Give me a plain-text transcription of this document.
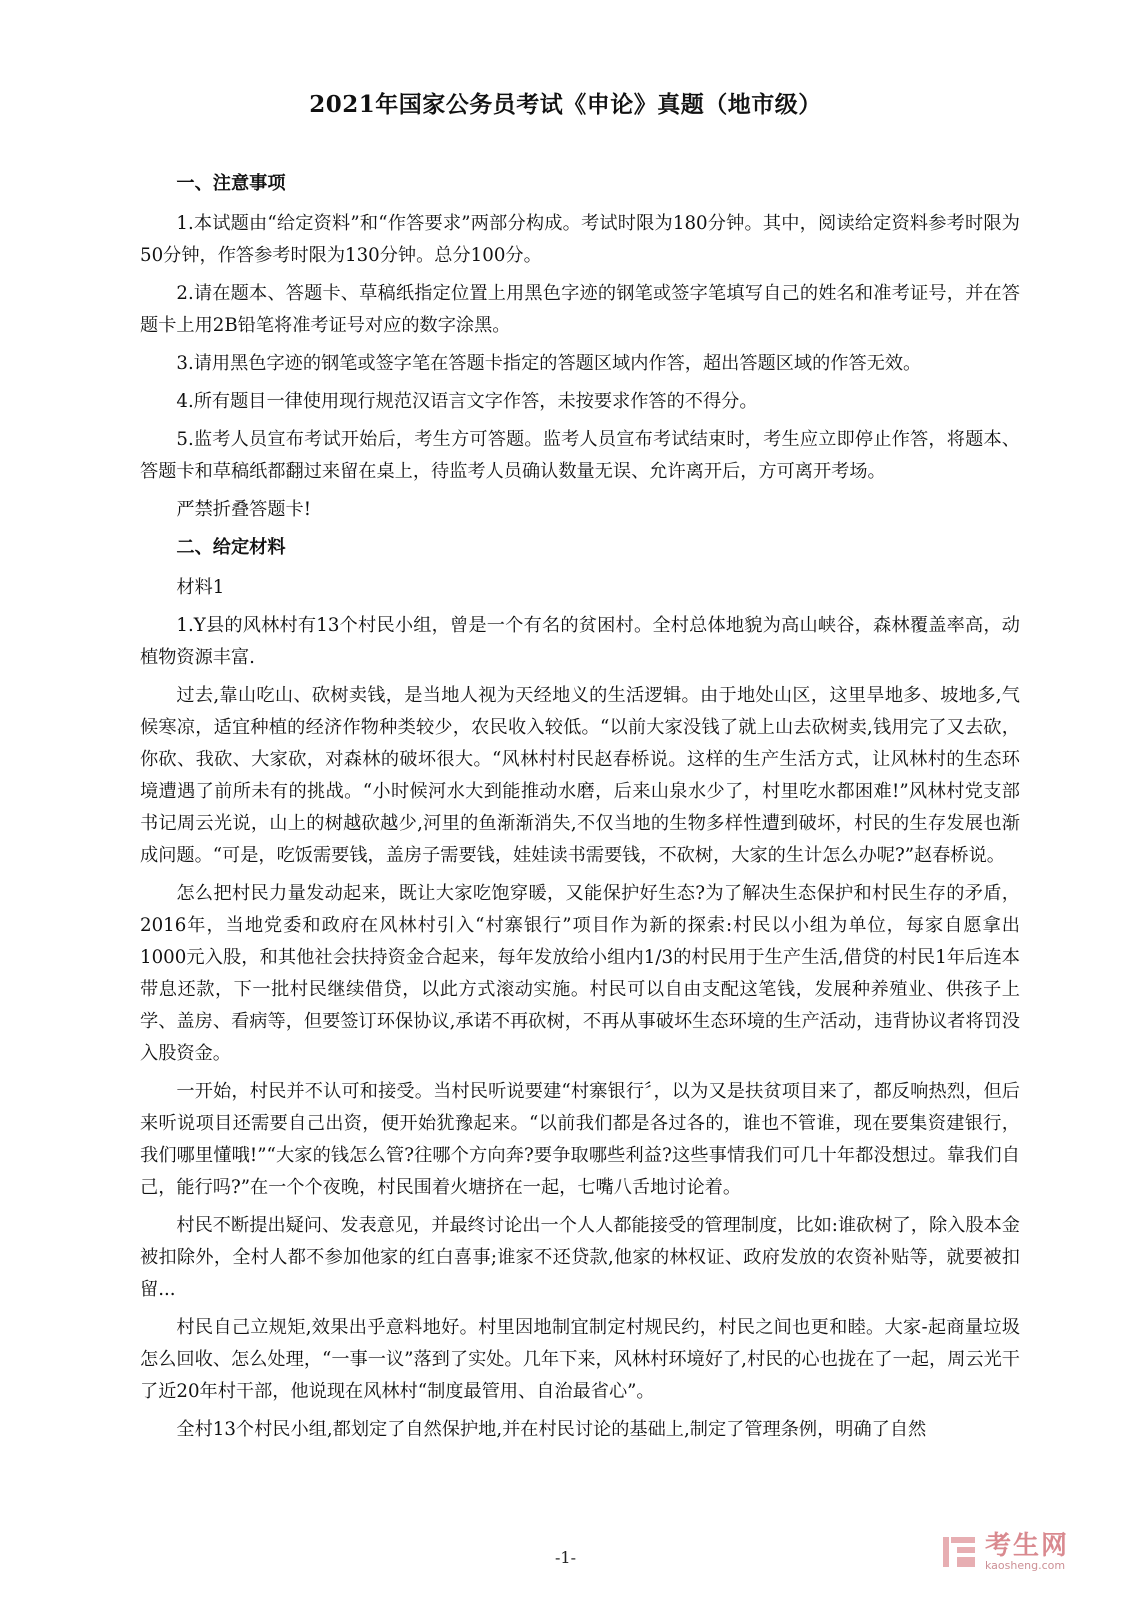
2021年国家公务员考试《申论》真题（地市级）

一、注意事项

1.本试题由“给定资料”和“作答要求”两部分构成。考试时限为180分钟。其中，阅读给定资料参考时限为50分钟，作答参考时限为130分钟。总分100分。

2.请在题本、答题卡、草稿纸指定位置上用黑色字迹的钢笔或签字笔填写自己的姓名和准考证号，并在答题卡上用2B铅笔将准考证号对应的数字涂黑。

3.请用黑色字迹的钢笔或签字笔在答题卡指定的答题区域内作答，超出答题区域的作答无效。

4.所有题目一律使用现行规范汉语言文字作答，未按要求作答的不得分。

5.监考人员宣布考试开始后，考生方可答题。监考人员宣布考试结束时，考生应立即停止作答，将题本、答题卡和草稿纸都翻过来留在桌上，待监考人员确认数量无误、允许离开后，方可离开考场。

严禁折叠答题卡!

二、给定材料

材料1

1.Y县的风林村有13个村民小组，曾是一个有名的贫困村。全村总体地貌为高山峡谷，森林覆盖率高，动植物资源丰富.

过去,靠山吃山、砍树卖钱，是当地人视为天经地义的生活逻辑。由于地处山区，这里旱地多、坡地多,气候寒凉，适宜种植的经济作物种类较少，农民收入较低。“以前大家没钱了就上山去砍树卖,钱用完了又去砍，你砍、我砍、大家砍，对森林的破坏很大。“风林村村民赵春桥说。这样的生产生活方式，让风林村的生态环境遭遇了前所未有的挑战。“小时候河水大到能推动水磨，后来山泉水少了，村里吃水都困难!”风林村党支部书记周云光说，山上的树越砍越少,河里的鱼渐渐消失,不仅当地的生物多样性遭到破坏，村民的生存发展也渐成问题。“可是，吃饭需要钱，盖房子需要钱，娃娃读书需要钱，不砍树，大家的生计怎么办呢?”赵春桥说。

怎么把村民力量发动起来，既让大家吃饱穿暖，又能保护好生态?为了解决生态保护和村民生存的矛盾，2016年，当地党委和政府在风林村引入“村寨银行”项目作为新的探索:村民以小组为单位，每家自愿拿出1000元入股，和其他社会扶持资金合起来，每年发放给小组内1/3的村民用于生产生活,借贷的村民1年后连本带息还款，下一批村民继续借贷，以此方式滚动实施。村民可以自由支配这笔钱，发展种养殖业、供孩子上学、盖房、看病等，但要签订环保协议,承诺不再砍树，不再从事破坏生态环境的生产活动，违背协议者将罚没入股资金。

一开始，村民并不认可和接受。当村民听说要建“村寨银行〞，以为又是扶贫项目来了，都反响热烈，但后来听说项目还需要自己出资，便开始犹豫起来。“以前我们都是各过各的，谁也不管谁，现在要集资建银行，我们哪里懂哦!”“大家的钱怎么管?往哪个方向奔?要争取哪些利益?这些事情我们可几十年都没想过。靠我们自己，能行吗?”在一个个夜晚，村民围着火塘挤在一起，七嘴八舌地讨论着。

村民不断提出疑问、发表意见，并最终讨论出一个人人都能接受的管理制度，比如:谁砍树了，除入股本金被扣除外，全村人都不参加他家的红白喜事;谁家不还贷款,他家的林权证、政府发放的农资补贴等，就要被扣留...

村民自己立规矩,效果出乎意料地好。村里因地制宜制定村规民约，村民之间也更和睦。大家-起商量垃圾怎么回收、怎么处理，“一事一议”落到了实处。几年下来，风林村环境好了,村民的心也拢在了一起，周云光干了近20年村干部，他说现在风林村“制度最管用、自治最省心”。

全村13个村民小组,都划定了自然保护地,并在村民讨论的基础上,制定了管理条例，明确了自然

-1-	考生网
kaosheng.com
